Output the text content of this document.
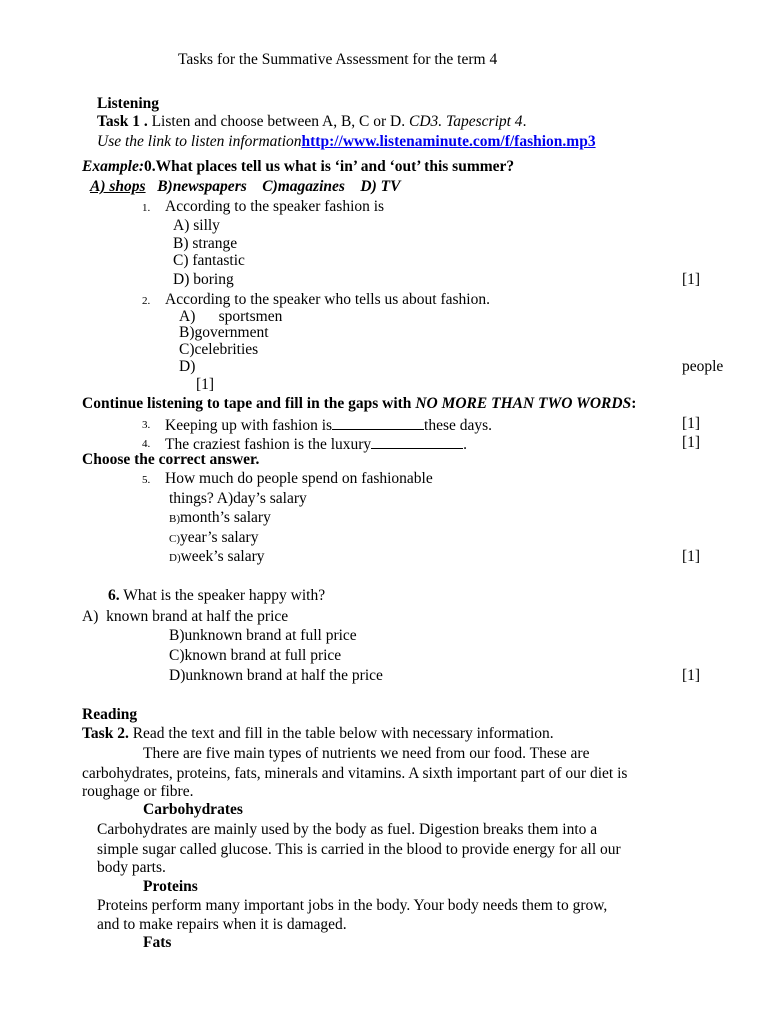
Tasks for the Summative Assessment for the term 4
Listening
Task 1 . Listen and choose between A, B, C or D. CD3. Tapescript 4.
Use the link to listen informationhttp://www.listenaminute.com/f/fashion.mp3
Example:0.What places tell us what is ‘in’ and ‘out’ this summer?
A) shops   B)newspapers    C)magazines    D) TV
1. According to the speaker fashion is
A) silly
B) strange
C) fantastic
D) boring	[1]
2. According to the speaker who tells us about fashion.
A)      sportsmen
B)government
C)celebrities
D)	people
[1]
Continue listening to tape and fill in the gaps with NO MORE THAN TWO WORDS:
3. Keeping up with fashion is	these days.	[1]
4. The craziest fashion is the luxury	.	[1]
Choose the correct answer.
5. How much do people spend on fashionable
things? A)day’s salary
B)month’s salary
C)year’s salary
D)week’s salary	[1]
6. What is the speaker happy with?
A)  known brand at half the price
B)unknown brand at full price
C)known brand at full price
D)unknown brand at half the price	[1]
Reading
Task 2. Read the text and fill in the table below with necessary information.
There are five main types of nutrients we need from our food. These are
carbohydrates, proteins, fats, minerals and vitamins. A sixth important part of our diet is
roughage or fibre.
Carbohydrates
Carbohydrates are mainly used by the body as fuel. Digestion breaks them into a
simple sugar called glucose. This is carried in the blood to provide energy for all our
body parts.
Proteins
Proteins perform many important jobs in the body. Your body needs them to grow,
and to make repairs when it is damaged.
Fats
